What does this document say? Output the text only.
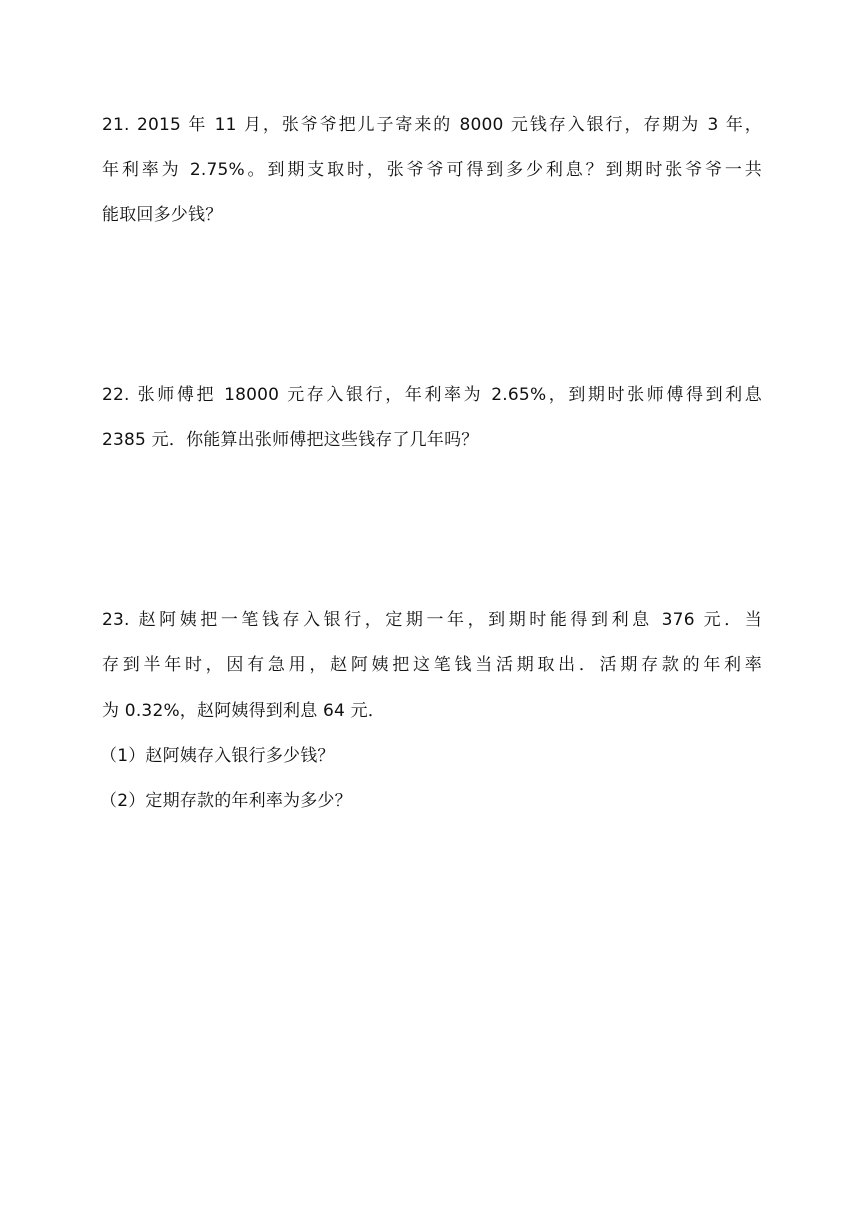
21. 2015 年 11 月，张爷爷把儿子寄来的 8000 元钱存入银行，存期为 3 年，
年利率为 2.75%。到期支取时，张爷爷可得到多少利息？到期时张爷爷一共
能取回多少钱？
22. 张师傅把 18000 元存入银行，年利率为 2.65%，到期时张师傅得到利息
2385 元．你能算出张师傅把这些钱存了几年吗？
23. 赵阿姨把一笔钱存入银行，定期一年，到期时能得到利息 376 元．当
存到半年时，因有急用，赵阿姨把这笔钱当活期取出．活期存款的年利率
为 0.32%，赵阿姨得到利息 64 元．
（1）赵阿姨存入银行多少钱？
（2）定期存款的年利率为多少？
